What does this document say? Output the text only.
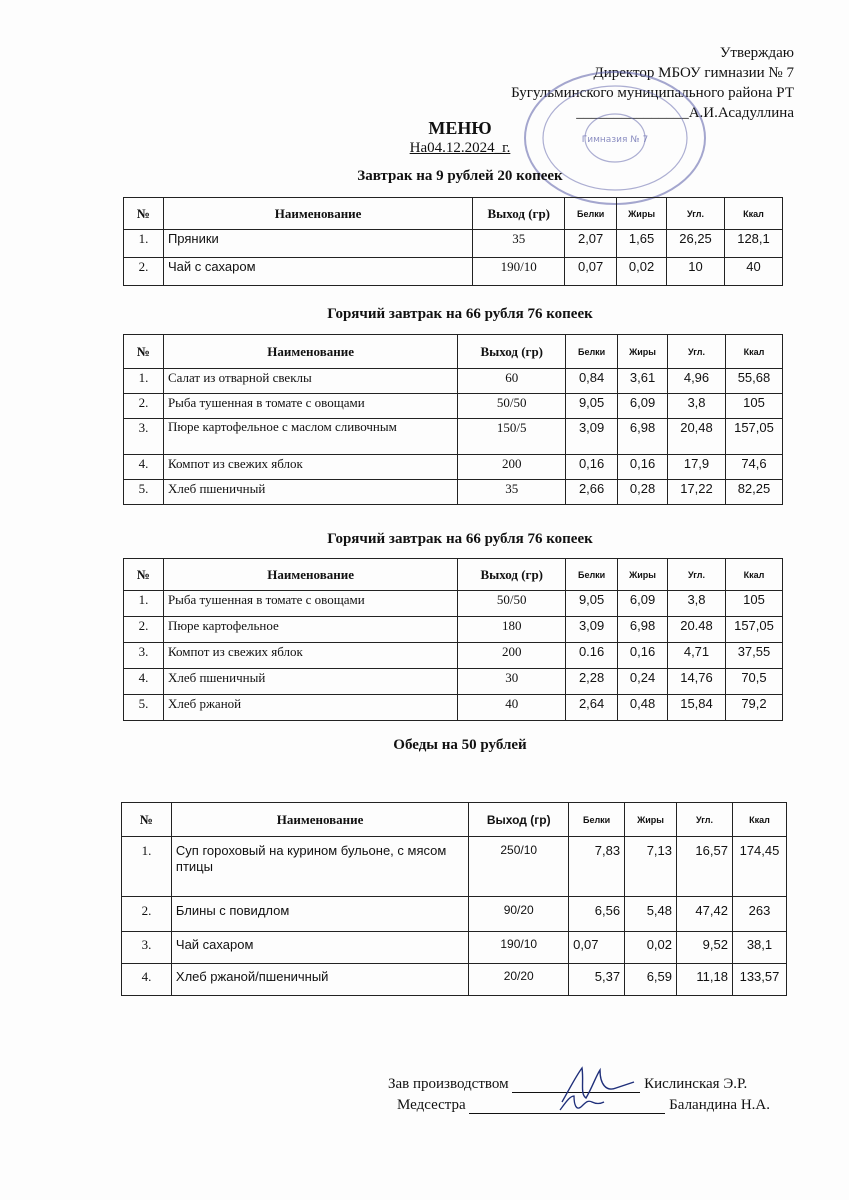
Утверждаю
Директор МБОУ гимназии № 7
Бугульминского муниципального района РТ
_______________А.И.Асадуллина
Гимназия № 7
МЕНЮ
На04.12.2024_г.
Завтрак на 9 рублей 20 копеек
№	Наименование	Выход (гр)	Белки	Жиры	Угл.	Ккал
1.	Пряники	35	2,07	1,65	26,25	128,1
2.	Чай с сахаром	190/10	0,07	0,02	10	40
Горячий завтрак на 66 рубля 76 копеек
№	Наименование	Выход (гр)	Белки	Жиры	Угл.	Ккал
1.	Салат из отварной свеклы	60	0,84	3,61	4,96	55,68
2.	Рыба тушенная в томате с овощами	50/50	9,05	6,09	3,8	105
3.	Пюре картофельное с маслом сливочным	150/5	3,09	6,98	20,48	157,05
4.	Компот из свежих яблок	200	0,16	0,16	17,9	74,6
5.	Хлеб пшеничный	35	2,66	0,28	17,22	82,25
Горячий завтрак на 66 рубля 76 копеек
№	Наименование	Выход (гр)	Белки	Жиры	Угл.	Ккал
1.	Рыба тушенная в томате с овощами	50/50	9,05	6,09	3,8	105
2.	Пюре картофельное	180	3,09	6,98	20.48	157,05
3.	Компот из свежих яблок	200	0.16	0,16	4,71	37,55
4.	Хлеб пшеничный	30	2,28	0,24	14,76	70,5
5.	Хлеб ржаной	40	2,64	0,48	15,84	79,2
Обеды на 50 рублей
№	Наименование	Выход (гр)	Белки	Жиры	Угл.	Ккал
1.	Суп гороховый на курином бульоне, с мясом птицы	250/10	7,83	7,13	16,57	174,45
2.	Блины с повидлом	90/20	6,56	5,48	47,42	263
3.	Чай сахаром	190/10	0,07	0,02	9,52	38,1
4.	Хлеб ржаной/пшеничный	20/20	5,37	6,59	11,18	133,57
Зав производством	Кислинская Э.Р.
Медсестра	Баландина Н.А.
